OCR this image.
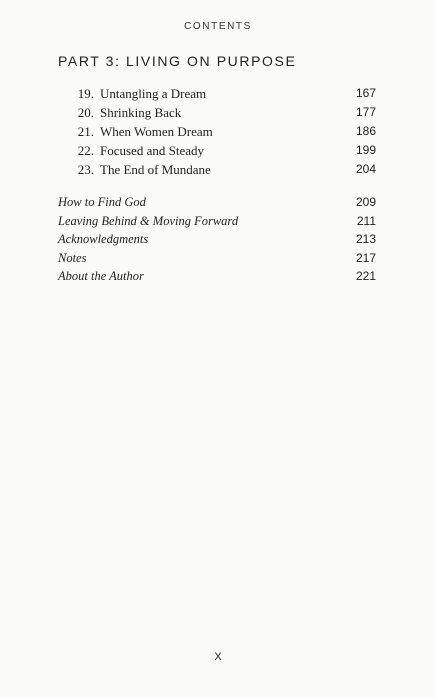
CONTENTS
PART 3: LIVING ON PURPOSE
19. Untangling a Dream	167
20. Shrinking Back	177
21. When Women Dream	186
22. Focused and Steady	199
23. The End of Mundane	204
How to Find God	209
Leaving Behind & Moving Forward	211
Acknowledgments	213
Notes	217
About the Author	221
X
